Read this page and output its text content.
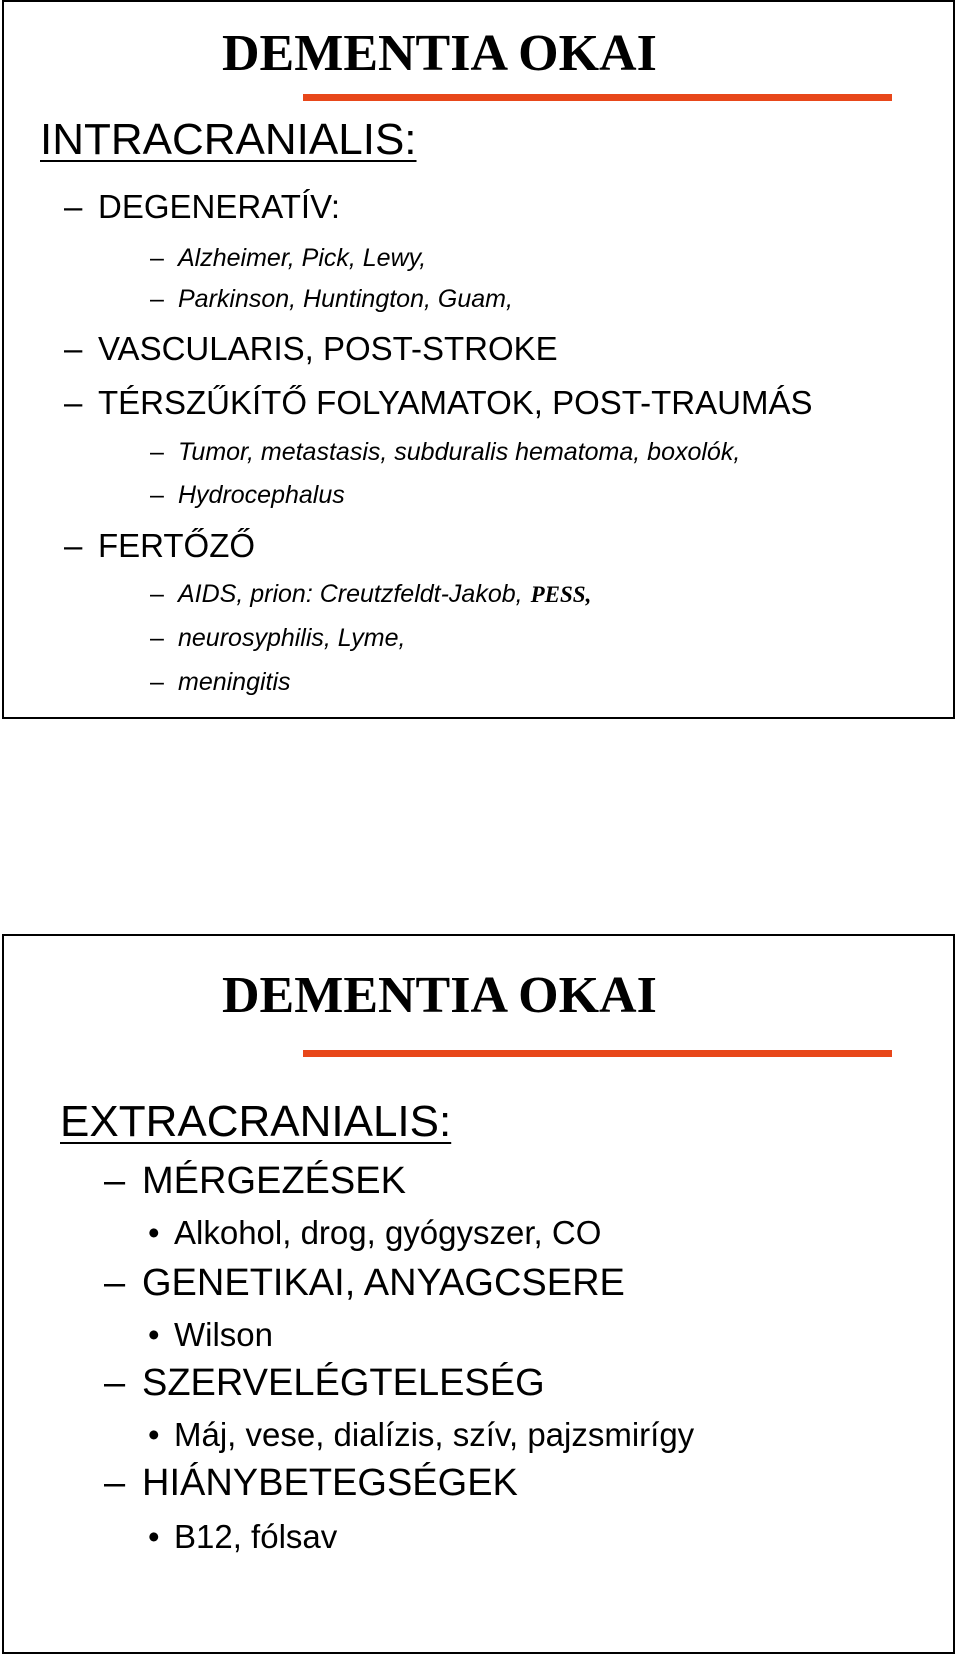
DEMENTIA OKAI
INTRACRANIALIS:
– DEGENERATÍV:
– Alzheimer, Pick, Lewy,
– Parkinson, Huntington, Guam,
– VASCULARIS, POST-STROKE
– TÉRSZŰKÍTŐ FOLYAMATOK, POST-TRAUMÁS
– Tumor, metastasis, subduralis hematoma, boxolók,
– Hydrocephalus
– FERTŐZŐ
– AIDS, prion: Creutzfeldt-Jakob, PESS,
– neurosyphilis, Lyme,
– meningitis
DEMENTIA OKAI
EXTRACRANIALIS:
– MÉRGEZÉSEK
• Alkohol, drog, gyógyszer, CO
– GENETIKAI, ANYAGCSERE
• Wilson
– SZERVELÉGTELESÉG
• Máj, vese, dialízis, szív, pajzsmirígy
– HIÁNYBETEGSÉGEK
• B12, fólsav
